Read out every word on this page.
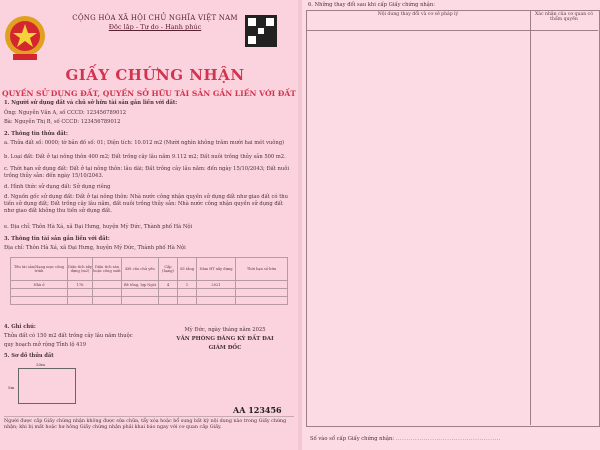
CỘNG HÒA XÃ HỘI CHỦ NGHĨA VIỆT NAM
Độc lập - Tự do - Hạnh phúc
GIẤY CHỨNG NHẬN
QUYỀN SỬ DỤNG ĐẤT, QUYỀN SỞ HỮU TÀI SẢN GẮN LIỀN VỚI ĐẤT
1. Người sử dụng đất và chủ sở hữu tài sản gắn liền với đất:
Ông: Nguyễn Văn A, số CCCD: 123456789012
Bà: Nguyễn Thị B, số CCCD: 123456789012
2. Thông tin thửa đất:
a. Thửa đất số: 0000; tờ bản đồ số: 01; Diện tích: 10.012 m2 (Mười nghìn không trăm mười hai mét vuông)
b. Loại đất: Đất ở tại nông thôn 400 m2; Đất trồng cây lâu năm 9.112 m2; Đất nuôi trồng thủy sản 500 m2.
c. Thời hạn sử dụng đất: Đất ở tại nông thôn: lâu dài; Đất trồng cây lâu năm: đến ngày 15/10/2043; Đất nuôi trồng thủy sản: đến ngày 15/10/2043.
d. Hình thức sử dụng đất: Sử dụng riêng
đ. Nguồn gốc sử dụng đất: Đất ở tại nông thôn: Nhà nước công nhận quyền sử dụng đất như giao đất có thu tiền sử dụng đất; Đất trồng cây lâu năm, đất nuôi trồng thủy sản: Nhà nước công nhận quyền sử dụng đất như giao đất không thu tiền sử dụng đất.
e. Địa chỉ: Thôn Hà Xá, xã Đại Hưng, huyện Mỹ Đức, Thành phố Hà Nội
3. Thông tin tài sản gắn liền với đất:
Địa chỉ: Thôn Hà Xá, xã Đại Hưng, huyện Mỹ Đức, Thành phố Hà Nội
Tên tài sản/Hạng mục công trình	Diện tích xây dựng (m2)	Diện tích sàn hoặc công suất	Kết cấu chủ yếu	Cấp (hạng)	Số tầng	Năm HT xây dựng	Thời hạn sở hữu
Nhà ở	176		Bê tông, lợp Ngói	4	1	2021	

4. Ghi chú:
Thửa đất có 150 m2 đất trồng cây lâu năm thuộc
quy hoạch mở rộng Tỉnh lộ 419
Mỹ Đức, ngày tháng năm 2025
VĂN PHÒNG ĐĂNG KÝ ĐẤT ĐAI
GIÁM ĐỐC
5. Sơ đồ thửa đất
20m
5m
AA 123456
Người được cấp Giấy chứng nhận không được sửa chữa, tẩy xóa hoặc bổ sung bất kỳ nội dung nào trong Giấy chứng nhận; khi bị mất hoặc hư hỏng Giấy chứng nhận phải khai báo ngay với cơ quan cấp Giấy.
6. Những thay đổi sau khi cấp Giấy chứng nhận:
Nội dung thay đổi và cơ sở pháp lý	Xác nhận của cơ quan có thẩm quyền
Số vào sổ cấp Giấy chứng nhận: .................................................
